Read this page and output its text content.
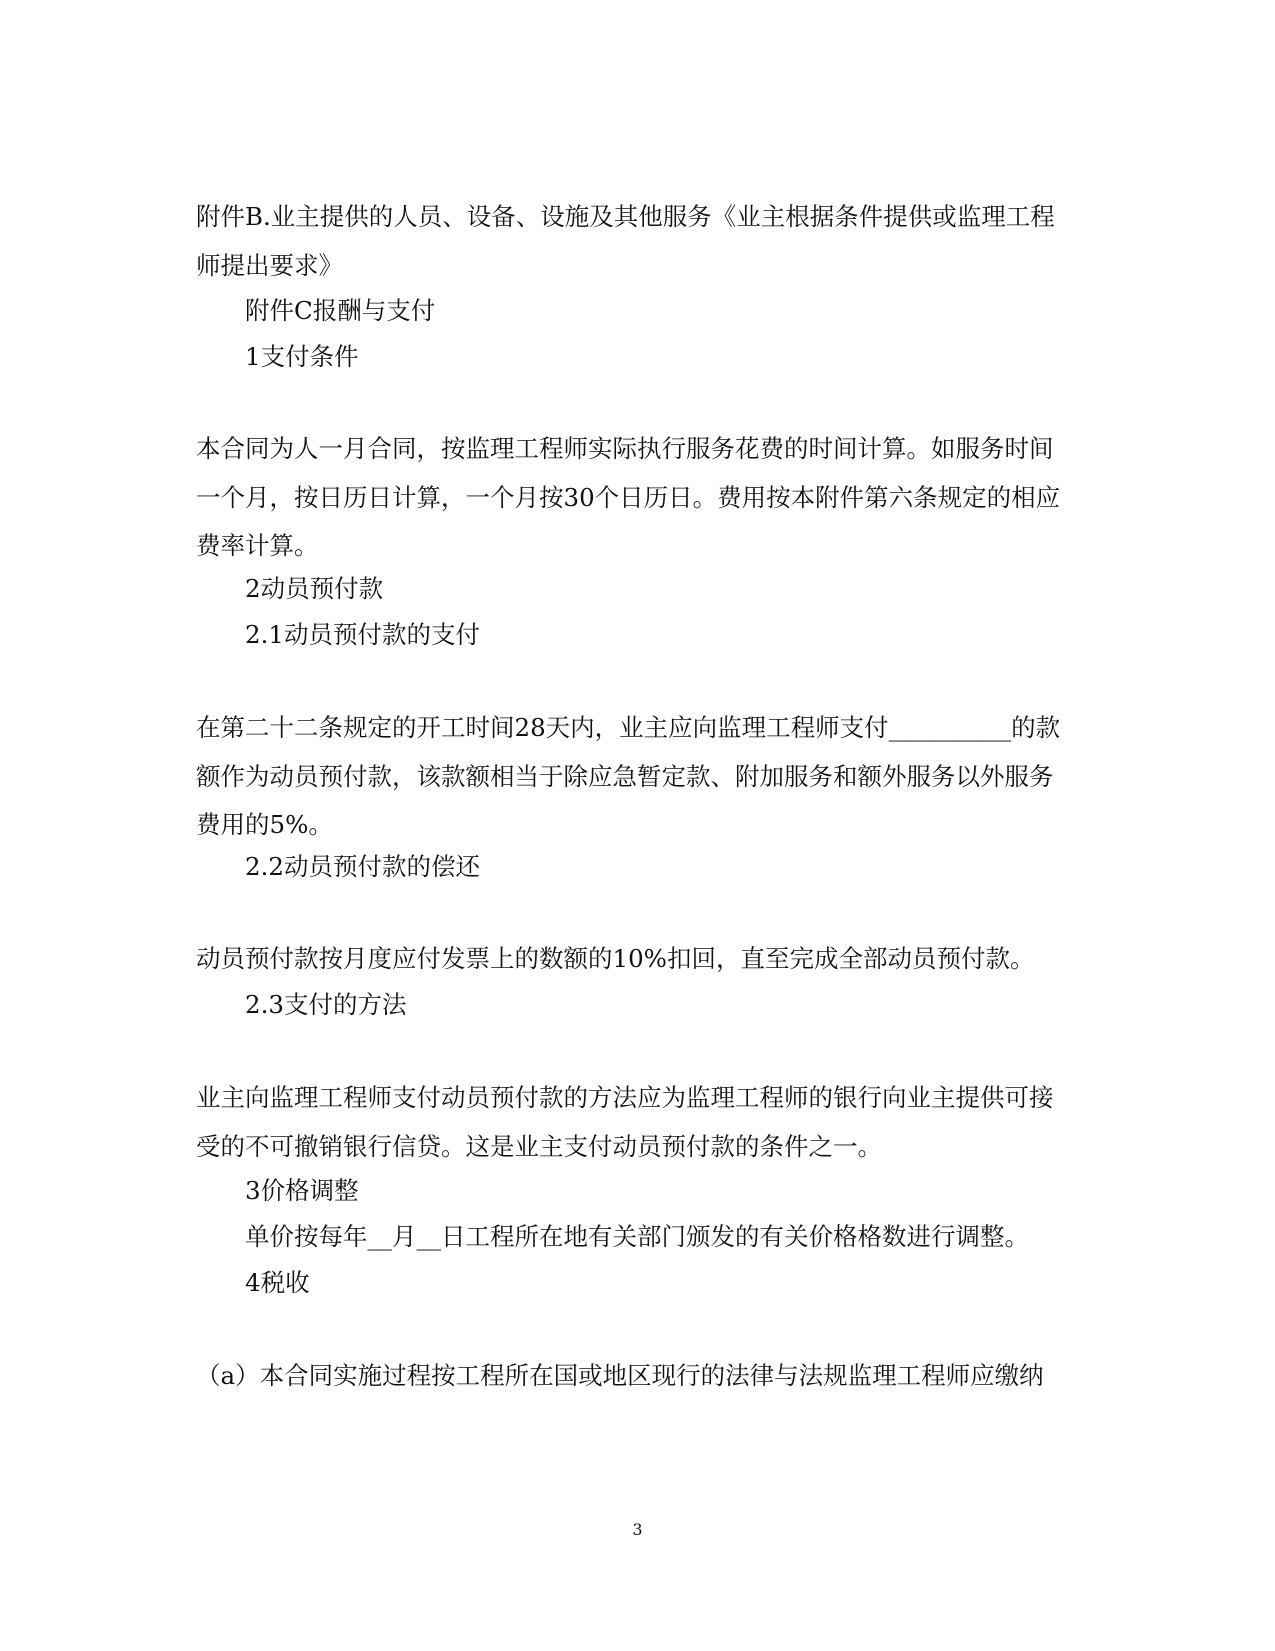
附件B.业主提供的人员、设备、设施及其他服务《业主根据条件提供或监理工程师提出要求》

附件C报酬与支付

1支付条件

本合同为人一月合同，按监理工程师实际执行服务花费的时间计算。如服务时间一个月，按日历日计算，一个月按30个日历日。费用按本附件第六条规定的相应费率计算。

2动员预付款

2.1动员预付款的支付

在第二十二条规定的开工时间28天内，业主应向监理工程师支付__________的款额作为动员预付款，该款额相当于除应急暂定款、附加服务和额外服务以外服务费用的5%。

2.2动员预付款的偿还

动员预付款按月度应付发票上的数额的10%扣回，直至完成全部动员预付款。

2.3支付的方法

业主向监理工程师支付动员预付款的方法应为监理工程师的银行向业主提供可接受的不可撤销银行信贷。这是业主支付动员预付款的条件之一。

3价格调整

单价按每年__月__日工程所在地有关部门颁发的有关价格格数进行调整。

4税收

（a）本合同实施过程按工程所在国或地区现行的法律与法规监理工程师应缴纳

3
